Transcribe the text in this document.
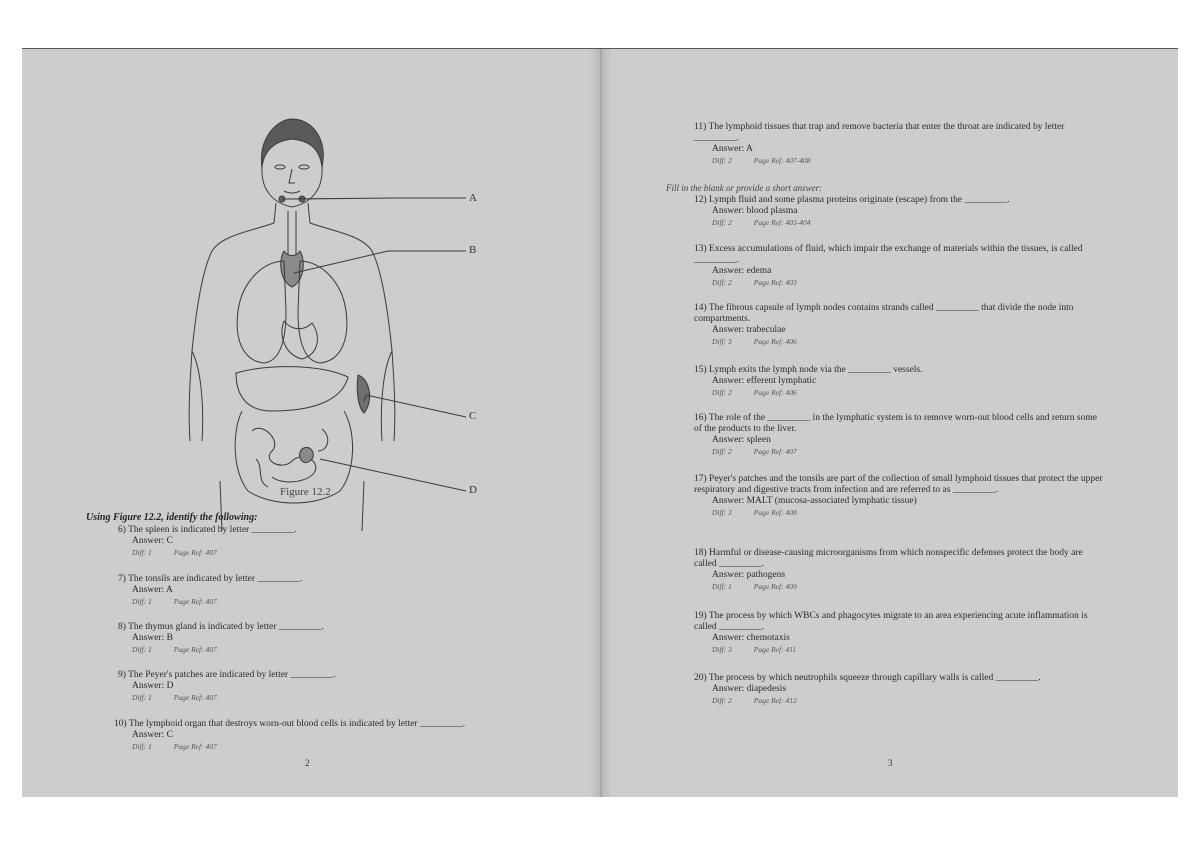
A
B
C
D
Figure 12.2
Using Figure 12.2, identify the following:
6) The spleen is indicated by letter _________.
Answer: C
Diff: 1	Page Ref: 407
7) The tonsils are indicated by letter _________.
Answer: A
Diff: 1	Page Ref: 407
8) The thymus gland is indicated by letter _________.
Answer: B
Diff: 1	Page Ref: 407
9) The Peyer's patches are indicated by letter _________.
Answer: D
Diff: 1	Page Ref: 407
10) The lymphoid organ that destroys worn-out blood cells is indicated by letter _________.
Answer: C
Diff: 1	Page Ref: 407
2
11) The lymphoid tissues that trap and remove bacteria that enter the throat are indicated by letter _________.
Answer: A
Diff: 2	Page Ref: 407-408
Fill in the blank or provide a short answer:
12) Lymph fluid and some plasma proteins originate (escape) from the _________.
Answer: blood plasma
Diff: 2	Page Ref: 403-404
13) Excess accumulations of fluid, which impair the exchange of materials within the tissues, is called _________.
Answer: edema
Diff: 2	Page Ref: 403
14) The fibrous capsule of lymph nodes contains strands called _________ that divide the node into compartments.
Answer: trabeculae
Diff: 3	Page Ref: 406
15) Lymph exits the lymph node via the _________ vessels.
Answer: efferent lymphatic
Diff: 2	Page Ref: 406
16) The role of the _________ in the lymphatic system is to remove worn-out blood cells and return some of the products to the liver.
Answer: spleen
Diff: 2	Page Ref: 407
17) Peyer's patches and the tonsils are part of the collection of small lymphoid tissues that protect the upper respiratory and digestive tracts from infection and are referred to as _________.
Answer: MALT (mucosa-associated lymphatic tissue)
Diff: 3	Page Ref: 408
18) Harmful or disease-causing microorganisms from which nonspecific defenses protect the body are called _________.
Answer: pathogens
Diff: 1	Page Ref: 409
19) The process by which WBCs and phagocytes migrate to an area experiencing acute inflammation is called _________.
Answer: chemotaxis
Diff: 3	Page Ref: 411
20) The process by which neutrophils squeeze through capillary walls is called _________.
Answer: diapedesis
Diff: 2	Page Ref: 412
3
